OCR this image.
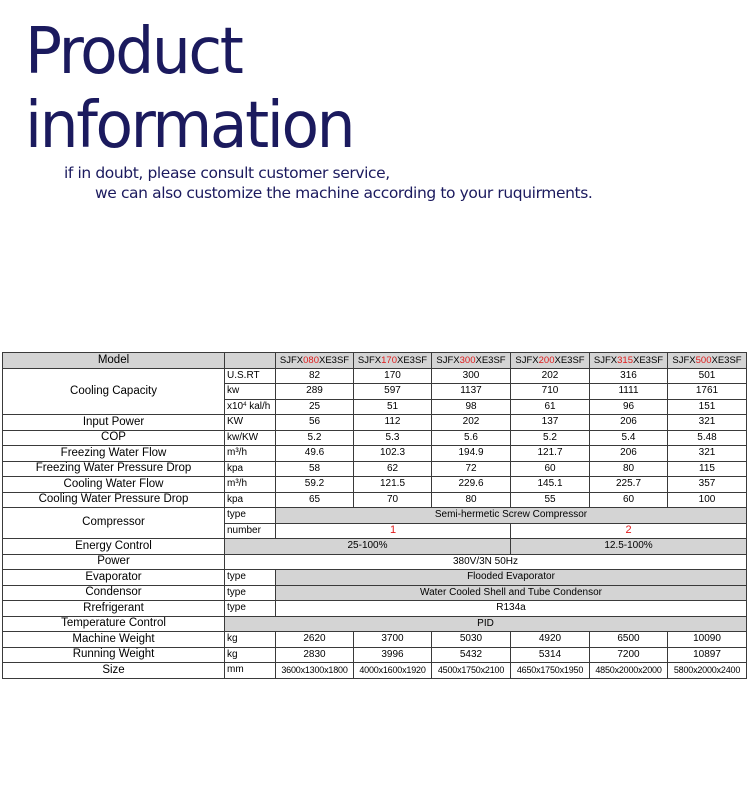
Product
information
if in doubt, please consult customer service,
we can also customize the machine according to your ruquirments.
Model		SJFX080XE3SF	SJFX170XE3SF	SJFX300XE3SF	SJFX200XE3SF	SJFX315XE3SF	SJFX500XE3SF
Cooling Capacity	U.S.RT	82	170	300	202	316	501
	kw	289	597	1137	710	1111	1761
	$x10^4$ kal/h	25	51	98	61	96	151
Input Power	KW	56	112	202	137	206	321
COP	kw/KW	5.2	5.3	5.6	5.2	5.4	5.48
Freezing Water Flow	m³/h	49.6	102.3	194.9	121.7	206	321
Freezing Water Pressure Drop	kpa	58	62	72	60	80	115
Cooling Water Flow	m³/h	59.2	121.5	229.6	145.1	225.7	357
Cooling Water Pressure Drop	kpa	65	70	80	55	60	100
Compressor	type	Semi-hermetic Screw Compressor					
	number	1			2		
Energy Control	25-100%				12.5-100%		
Power	380V/3N 50Hz						
Evaporator	type	Flooded Evaporator					
Condensor	type	Water Cooled Shell and Tube Condensor					
Rrefrigerant	type	R134a					
Temperature Control	PID						
Machine Weight	kg	2620	3700	5030	4920	6500	10090
Running Weight	kg	2830	3996	5432	5314	7200	10897
Size	mm	3600x1300x1800	4000x1600x1920	4500x1750x2100	4650x1750x1950	4850x2000x2000	5800x2000x2400
